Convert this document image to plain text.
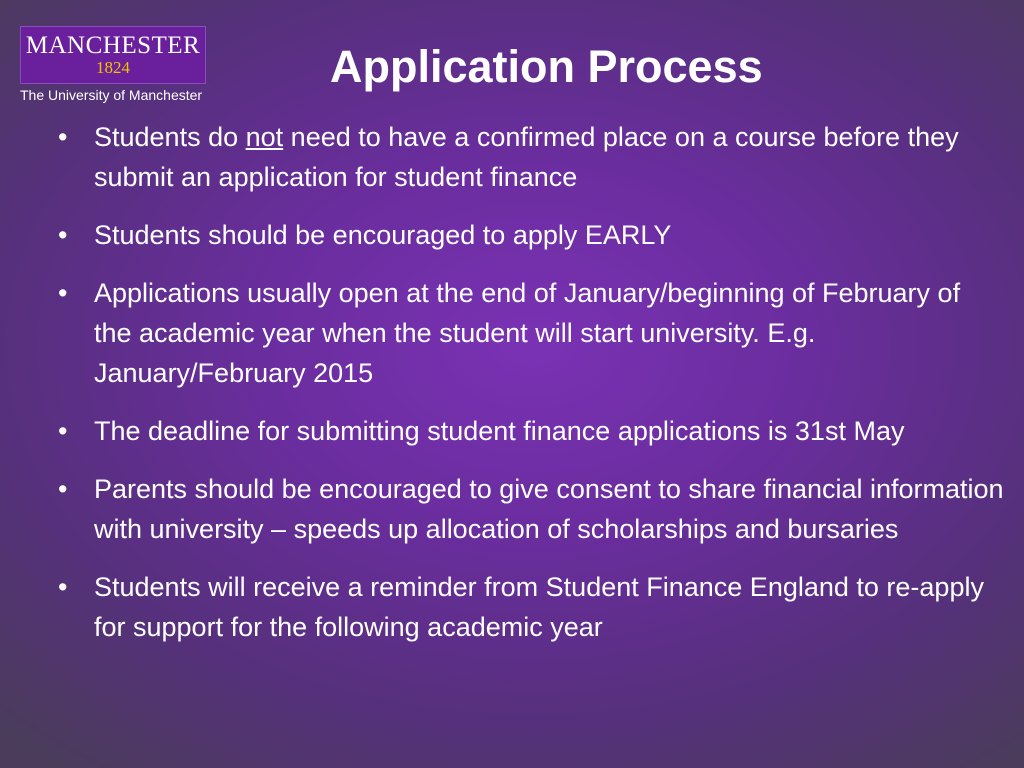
MANCHESTER
1824
The University of Manchester
Application Process
• Students do not need to have a confirmed place on a course before they submit an application for student finance
• Students should be encouraged to apply EARLY
• Applications usually open at the end of January/beginning of February of the academic year when the student will start university. E.g. January/February 2015
• The deadline for submitting student finance applications is 31st May
• Parents should be encouraged to give consent to share financial information with university – speeds up allocation of scholarships and bursaries
• Students will receive a reminder from Student Finance England to re-apply for support for the following academic year
